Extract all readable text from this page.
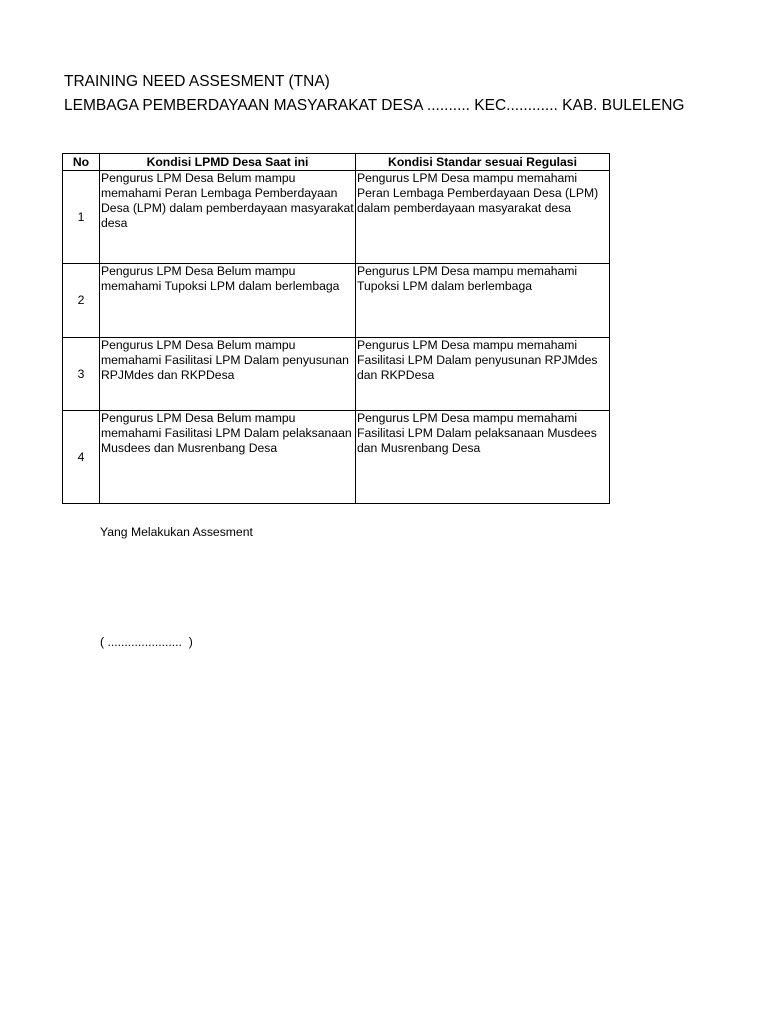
TRAINING NEED ASSESMENT (TNA)
LEMBAGA PEMBERDAYAAN MASYARAKAT DESA .......... KEC............ KAB. BULELENG
No	Kondisi LPMD Desa Saat ini	Kondisi Standar sesuai Regulasi
1	Pengurus LPM Desa Belum mampu memahami Peran Lembaga Pemberdayaan Desa (LPM) dalam pemberdayaan masyarakat desa	Pengurus LPM Desa mampu memahami Peran Lembaga Pemberdayaan Desa (LPM) dalam pemberdayaan masyarakat desa
2	Pengurus LPM Desa Belum mampu memahami Tupoksi LPM dalam berlembaga	Pengurus LPM Desa mampu memahami Tupoksi LPM dalam berlembaga
3	Pengurus LPM Desa Belum mampu memahami Fasilitasi LPM Dalam penyusunan RPJMdes dan RKPDesa	Pengurus LPM Desa mampu memahami Fasilitasi LPM Dalam penyusunan RPJMdes dan RKPDesa
4	Pengurus LPM Desa Belum mampu memahami Fasilitasi LPM Dalam pelaksanaan Musdees dan Musrenbang Desa	Pengurus LPM Desa mampu memahami Fasilitasi LPM Dalam pelaksanaan Musdees dan Musrenbang Desa
Yang Melakukan Assesment
( ......................  )
